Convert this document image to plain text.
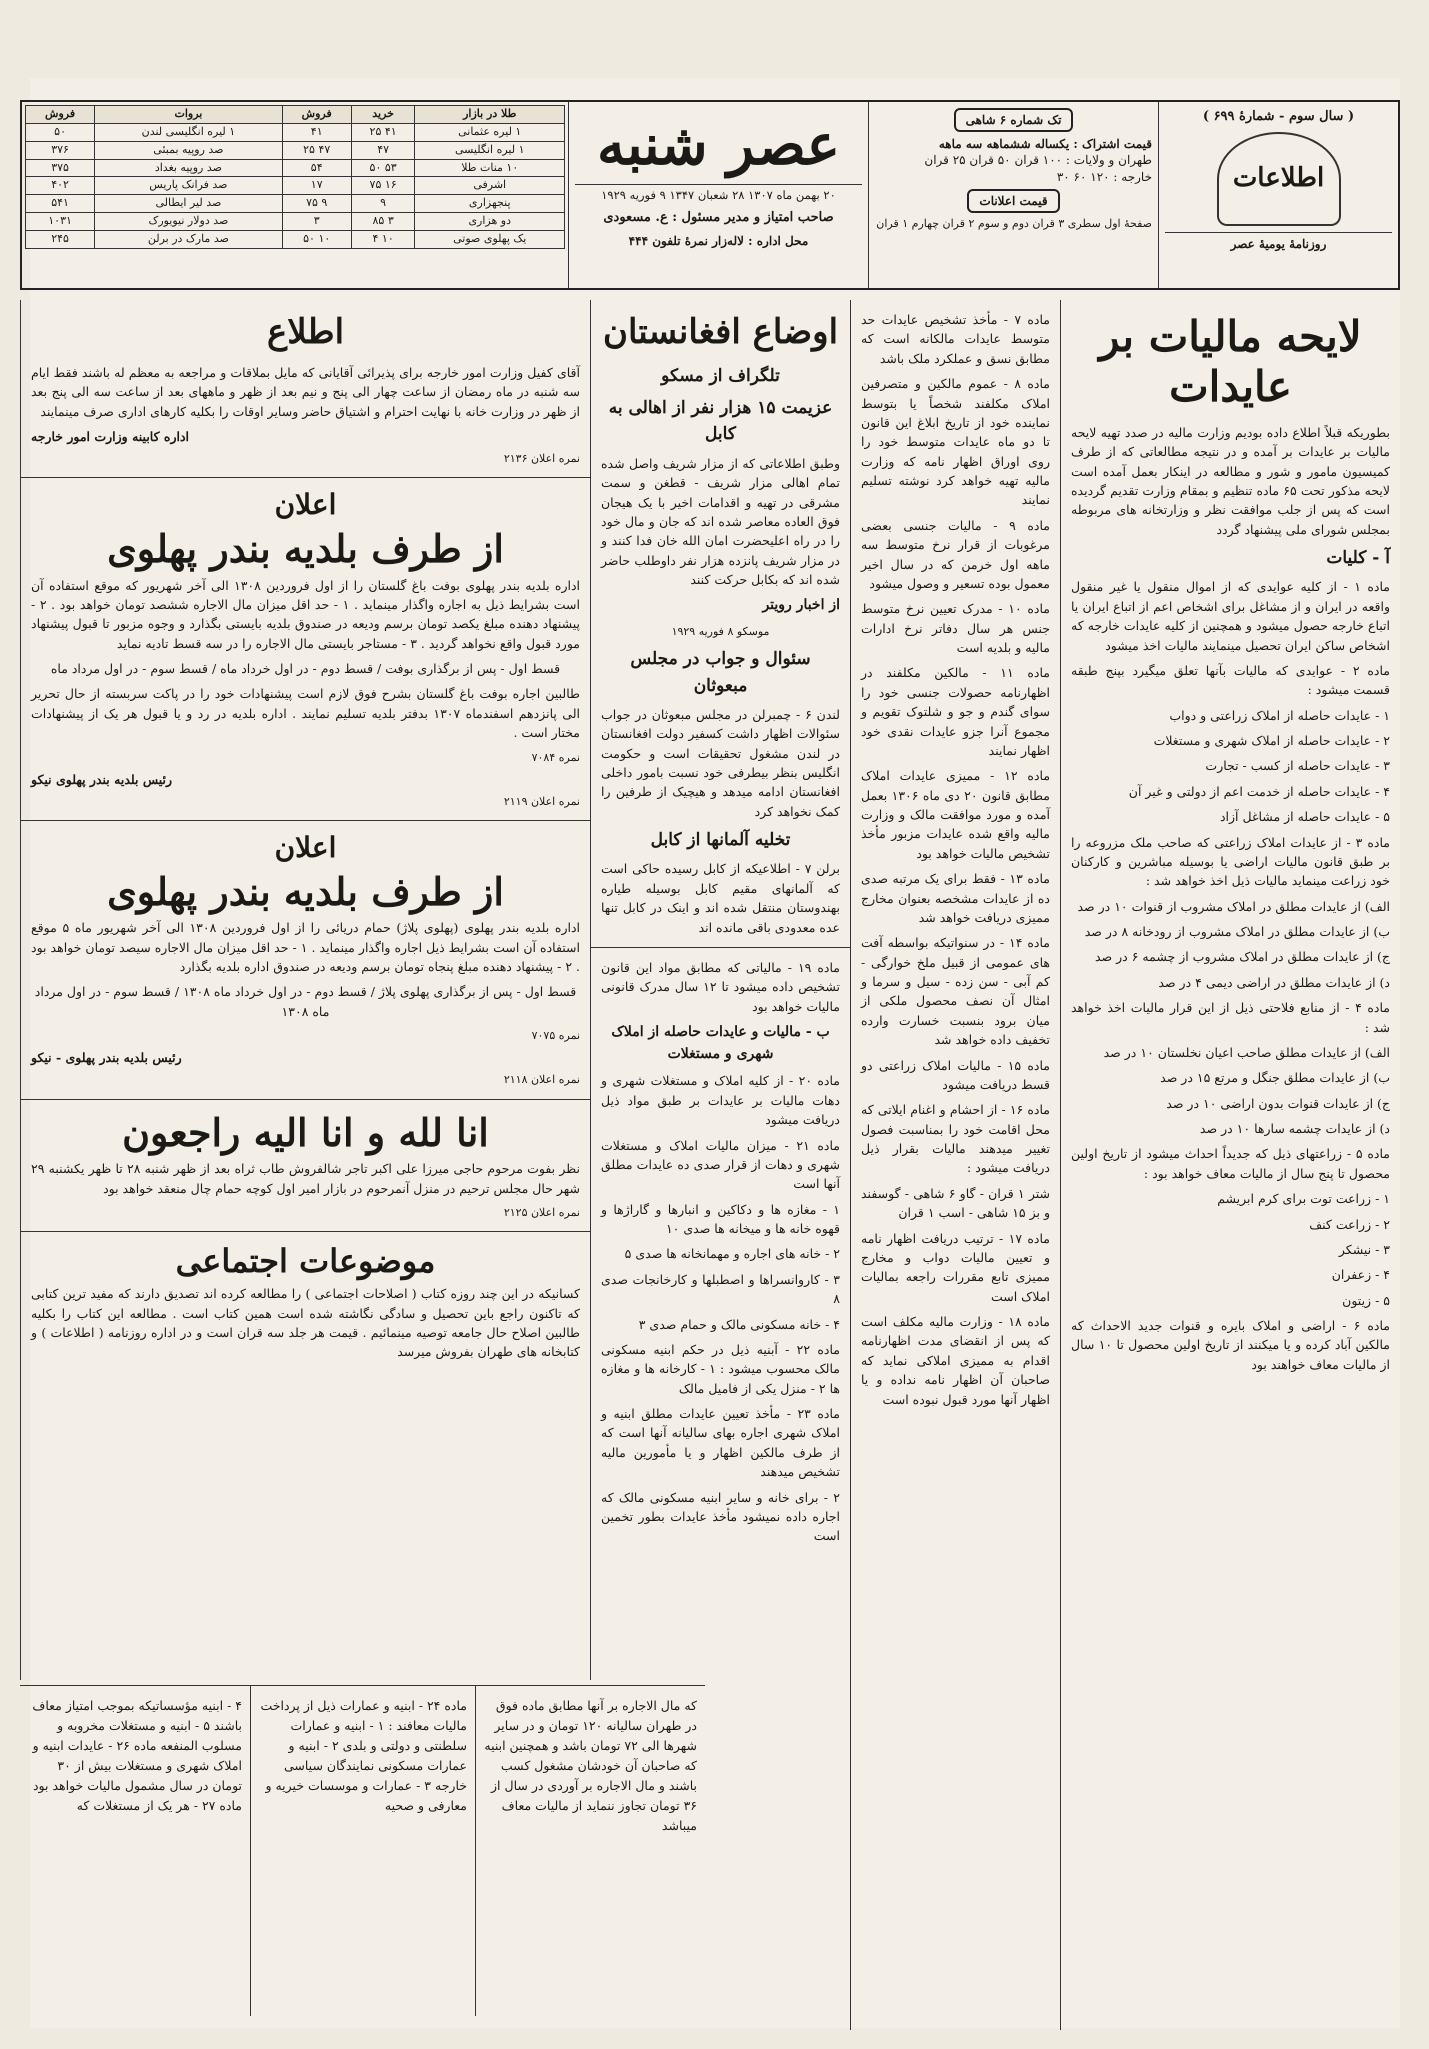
( سال سوم - شمارهٔ ۶۹۹ )
اطلاعات
روزنامهٔ یومیهٔ عصر
تک شماره ۶ شاهی
قیمت اشتراک : یکساله ششماهه سه ماهه
طهران و ولایات : ۱۰۰ قران ۵۰ قران ۲۵ قران
خارجه : ۱۲۰ ۶۰ ۳۰
قیمت اعلانات
صفحهٔ اول سطری ۳ قران دوم و سوم ۲ قران چهارم ۱ قران
عصر شنبه
۲۰ بهمن ماه ۱۳۰۷ ۲۸ شعبان ۱۳۴۷ ۹ فوریه ۱۹۲۹
صاحب امتیاز و مدیر مسئول : ع. مسعودی
محل اداره : لاله‌زار نمرهٔ تلفون ۴۴۴
طلا در بازار	خرید	فروش	بروات	فروش
۱ لیره عثمانی	۴۱ ۲۵	۴۱	۱ لیره انگلیسی لندن	۵۰
۱ لیره انگلیسی	۴۷	۴۷ ۲۵	صد روپیه بمبئی	۳۷۶
۱۰ منات طلا	۵۳ ۵۰	۵۴	صد روپیه بغداد	۳۷۵
اشرفی	۱۶ ۷۵	۱۷	صد فرانک پاریس	۴۰۲
پنجهزاری	۹	۹ ۷۵	صد لیر ایطالی	۵۴۱
دو هزاری	۳ ۸۵	۳	صد دولار نیویورک	۱۰۳۱
یک پهلوی صوتی	۱۰ ۴	۱۰ ۵۰	صد مارک در برلن	۲۴۵
لایحه مالیات بر عایدات

بطوریکه قبلاً اطلاع داده بودیم وزارت مالیه در صدد تهیه لایحه مالیات بر عایدات بر آمده و در نتیجه مطالعاتی که از طرف کمیسیون مامور و شور و مطالعه در اینکار بعمل آمده است لایحه مذکور تحت ۶۵ ماده تنظیم و بمقام وزارت تقدیم گردیده است که پس از جلب موافقت نظر و وزارتخانه های مربوطه بمجلس شورای ملی پیشنهاد گردد

آ - کلیات

ماده ۱ - از کلیه عوایدی که از اموال منقول یا غیر منقول واقعه در ایران و از مشاغل برای اشخاص اعم از اتباع ایران یا اتباع خارجه حصول میشود و همچنین از کلیه عایدات خارجه که اشخاص ساکن ایران تحصیل مینمایند مالیات اخذ میشود

ماده ۲ - عوایدی که مالیات بآنها تعلق میگیرد بپنج طبقه قسمت میشود :

۱ - عایدات حاصله از املاک زراعتی و دواب

۲ - عایدات حاصله از املاک شهری و مستغلات

۳ - عایدات حاصله از کسب - تجارت

۴ - عایدات حاصله از خدمت اعم از دولتی و غیر آن

۵ - عایدات حاصله از مشاغل آزاد

ماده ۳ - از عایدات املاک زراعتی که صاحب ملک مزروعه را بر طبق قانون مالیات اراضی یا بوسیله مباشرین و کارکنان خود زراعت مینماید مالیات ذیل اخذ خواهد شد :

الف) از عایدات مطلق در املاک مشروب از قنوات ۱۰ در صد

ب) از عایدات مطلق در املاک مشروب از رودخانه ۸ در صد

ج) از عایدات مطلق در املاک مشروب از چشمه ۶ در صد

د) از عایدات مطلق در اراضی دیمی ۴ در صد

ماده ۴ - از منابع فلاحتی ذیل از این قرار مالیات اخذ خواهد شد :

الف) از عایدات مطلق صاحب اعیان نخلستان ۱۰ در صد

ب) از عایدات مطلق جنگل و مرتع ۱۵ در صد

ج) از عایدات قنوات بدون اراضی ۱۰ در صد

د) از عایدات چشمه سارها ۱۰ در صد

ماده ۵ - زراعتهای ذیل که جدیداً احداث میشود از تاریخ اولین محصول تا پنج سال از مالیات معاف خواهد بود :

۱ - زراعت توت برای کرم ابریشم

۲ - زراعت کنف

۳ - نیشکر

۴ - زعفران

۵ - زیتون

ماده ۶ - اراضی و املاک بایره و قنوات جدید الاحداث که مالکین آباد کرده و یا میکنند از تاریخ اولین محصول تا ۱۰ سال از مالیات معاف خواهند بود

ماده ۷ - مأخذ تشخیص عایدات حد متوسط عایدات مالکانه است که مطابق نسق و عملکرد ملک باشد

ماده ۸ - عموم مالکین و متصرفین املاک مکلفند شخصاً یا بتوسط نماینده خود از تاریخ ابلاغ این قانون تا دو ماه عایدات متوسط خود را روی اوراق اظهار نامه که وزارت مالیه تهیه خواهد کرد نوشته تسلیم نمایند

ماده ۹ - مالیات جنسی بعضی مرغوبات از قرار نرخ متوسط سه ماهه اول خرمن که در سال اخیر معمول بوده تسعیر و وصول میشود

ماده ۱۰ - مدرک تعیین نرخ متوسط جنس هر سال دفاتر نرخ ادارات مالیه و بلدیه است

ماده ۱۱ - مالکین مکلفند در اظهارنامه حصولات جنسی خود را سوای گندم و جو و شلتوک تقویم و مجموع آنرا جزو عایدات نقدی خود اظهار نمایند

ماده ۱۲ - ممیزی عایدات املاک مطابق قانون ۲۰ دی ماه ۱۳۰۶ بعمل آمده و مورد موافقت مالک و وزارت مالیه واقع شده عایدات مزبور مأخذ تشخیص مالیات خواهد بود

ماده ۱۳ - فقط برای یک مرتبه صدی ده از عایدات مشخصه بعنوان مخارج ممیزی دریافت خواهد شد

ماده ۱۴ - در سنواتیکه بواسطه آفت های عمومی از قبیل ملخ خوارگی - کم آبی - سن زده - سیل و سرما و امثال آن نصف محصول ملکی از میان برود بنسبت خسارت وارده تخفیف داده خواهد شد

ماده ۱۵ - مالیات املاک زراعتی دو قسط دریافت میشود

ماده ۱۶ - از احشام و اغنام ایلاتی که محل اقامت خود را بمناسبت فصول تغییر میدهند مالیات بقرار ذیل دریافت میشود :

شتر ۱ قران - گاو ۶ شاهی - گوسفند و بز ۱۵ شاهی - اسب ۱ قران

ماده ۱۷ - ترتیب دریافت اظهار نامه و تعیین مالیات دواب و مخارج ممیزی تابع مقررات راجعه بمالیات املاک است

ماده ۱۸ - وزارت مالیه مکلف است که پس از انقضای مدت اظهارنامه اقدام به ممیزی املاکی نماید که صاحبان آن اظهار نامه نداده و یا اظهار آنها مورد قبول نبوده است

اوضاع افغانستان
تلگراف از مسکو
عزیمت ۱۵ هزار نفر از اهالی به کابل

وطبق اطلاعاتی که از مزار شریف واصل شده تمام اهالی مزار شریف - قطغن و سمت مشرقی در تهیه و اقدامات اخیر با یک هیجان فوق العاده معاصر شده اند که جان و مال خود را در راه اعلیحضرت امان الله خان فدا کنند و در مزار شریف پانزده هزار نفر داوطلب حاضر شده اند که بکابل حرکت کنند

از اخبار رویتر
موسکو ۸ فوریه ۱۹۲۹
سئوال و جواب در مجلس مبعوثان

لندن ۶ - چمبرلن در مجلس مبعوثان در جواب سئوالات اظهار داشت کسفیر دولت افغانستان در لندن مشغول تحقیقات است و حکومت انگلیس بنظر بیطرفی خود نسبت بامور داخلی افغانستان ادامه میدهد و هیچیک از طرفین را کمک نخواهد کرد

تخلیه آلمانها از کابل

برلن ۷ - اطلاعیکه از کابل رسیده حاکی است که آلمانهای مقیم کابل بوسیله طیاره بهندوستان منتقل شده اند و اینک در کابل تنها عده معدودی باقی مانده اند

ماده ۱۹ - مالیاتی که مطابق مواد این قانون تشخیص داده میشود تا ۱۲ سال مدرک قانونی مالیات خواهد بود

ب - مالیات و عایدات حاصله از املاک شهری و مستغلات

ماده ۲۰ - از کلیه املاک و مستغلات شهری و دهات مالیات بر عایدات بر طبق مواد ذیل دریافت میشود

ماده ۲۱ - میزان مالیات املاک و مستغلات شهری و دهات از قرار صدی ده عایدات مطلق آنها است

۱ - مغازه ها و دکاکین و انبارها و گاراژها و قهوه خانه ها و میخانه ها صدی ۱۰

۲ - خانه های اجاره و مهمانخانه ها صدی ۵

۳ - کاروانسراها و اصطبلها و کارخانجات صدی ۸

۴ - خانه مسکونی مالک و حمام صدی ۳

ماده ۲۲ - آبنیه ذیل در حکم ابنیه مسکونی مالک محسوب میشود : ۱ - کارخانه ها و مغازه ها ۲ - منزل یکی از فامیل مالک

ماده ۲۳ - مأخذ تعیین عایدات مطلق ابنیه و املاک شهری اجاره بهای سالیانه آنها است که از طرف مالکین اظهار و یا مأمورین مالیه تشخیص میدهند

۲ - برای خانه و سایر ابنیه مسکونی مالک که اجاره داده نمیشود مأخذ عایدات بطور تخمین است

اطلاع

آقای کفیل وزارت امور خارجه برای پذیرائی آقایانی که مایل بملاقات و مراجعه به معظم له باشند فقط ایام سه شنبه در ماه رمضان از ساعت چهار الی پنج و نیم بعد از ظهر و ماههای بعد از ساعت سه الی پنج بعد از ظهر در وزارت خانه با نهایت احترام و اشتیاق حاضر وسایر اوقات را بکلیه کارهای اداری صرف مینمایند

اداره کابینه وزارت امور خارجه
نمره اعلان ۲۱۳۶
اعلان
از طرف بلدیه بندر پهلوی

اداره بلدیه بندر پهلوی بوفت باغ گلستان را از اول فروردین ۱۳۰۸ الی آخر شهریور که موقع استفاده آن است بشرایط ذیل به اجاره واگذار مینماید . ۱ - حد اقل میزان مال الاجاره ششصد تومان خواهد بود . ۲ - پیشنهاد دهنده مبلغ یکصد تومان برسم ودیعه در صندوق بلدیه بایستی بگذارد و وجوه مزبور تا قبول پیشنهاد مورد قبول واقع نخواهد گردید . ۳ - مستاجر بایستی مال الاجاره را در سه قسط تادیه نماید

قسط اول - پس از برگذاری بوفت / قسط دوم - در اول خرداد ماه / قسط سوم - در اول مرداد ماه

طالبین اجاره بوفت باغ گلستان بشرح فوق لازم است پیشنهادات خود را در پاکت سربسته از حال تحریر الی پانزدهم اسفندماه ۱۳۰۷ بدفتر بلدیه تسلیم نمایند . اداره بلدیه در رد و یا قبول هر یک از پیشنهادات مختار است .

نمره ۷۰۸۴
رئیس بلدیه بندر پهلوی نیکو
نمره اعلان ۲۱۱۹
اعلان
از طرف بلدیه بندر پهلوی

اداره بلدیه بندر پهلوی (پهلوی پلاژ) حمام دریائی را از اول فروردین ۱۳۰۸ الی آخر شهریور ماه ۵ موقع استفاده آن است بشرایط ذیل اجاره واگذار مینماید . ۱ - حد اقل میزان مال الاجاره سیصد تومان خواهد بود . ۲ - پیشنهاد دهنده مبلغ پنجاه تومان برسم ودیعه در صندوق اداره بلدیه بگذارد

قسط اول - پس از برگذاری پهلوی پلاژ / قسط دوم - در اول خرداد ماه ۱۳۰۸ / قسط سوم - در اول مرداد ماه ۱۳۰۸

نمره ۷۰۷۵
رئیس بلدیه بندر پهلوی - نیکو
نمره اعلان ۲۱۱۸
انا لله و انا الیه راجعون

نظر بفوت مرحوم حاجی میرزا علی اکبر تاجر شالفروش طاب ثراه بعد از ظهر شنبه ۲۸ تا ظهر یکشنبه ۲۹ شهر حال مجلس ترحیم در منزل آنمرحوم در بازار امیر اول کوچه حمام چال منعقد خواهد بود

نمره اعلان ۲۱۲۵
موضوعات اجتماعی

کسانیکه در این چند روزه کتاب ( اصلاحات اجتماعی ) را مطالعه کرده اند تصدیق دارند که مفید ترین کتابی که تاکنون راجع باین تحصیل و سادگی نگاشته شده است همین کتاب است . مطالعه این کتاب را بکلیه طالبین اصلاح حال جامعه توصیه مینمائیم . قیمت هر جلد سه قران است و در اداره روزنامه ( اطلاعات ) و کتابخانه های طهران بفروش میرسد

که مال الاجاره بر آنها مطابق ماده فوق در طهران سالیانه ۱۲۰ تومان و در سایر شهرها الی ۷۲ تومان باشد و همچنین ابنیه که صاحبان آن خودشان مشغول کسب باشند و مال الاجاره بر آوردی در سال از ۳۶ تومان تجاوز ننماید از مالیات معاف میباشد

ماده ۲۴ - ابنیه و عمارات ذیل از پرداخت مالیات معافند : ۱ - ابنیه و عمارات سلطنتی و دولتی و بلدی ۲ - ابنیه و عمارات مسکونی نمایندگان سیاسی خارجه ۳ - عمارات و موسسات خیریه و معارفی و صحیه

۴ - ابنیه مؤسساتیکه بموجب امتیاز معاف باشند ۵ - ابنیه و مستغلات مخروبه و مسلوب المنفعه ماده ۲۶ - عایدات ابنیه و املاک شهری و مستغلات بیش از ۳۰ تومان در سال مشمول مالیات خواهد بود ماده ۲۷ - هر یک از مستغلات که
